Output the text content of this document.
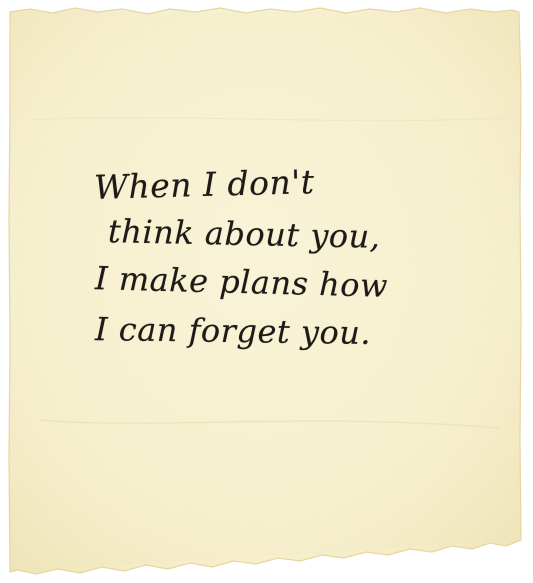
When I don't

think about you,

I make plans how

I can forget you.
